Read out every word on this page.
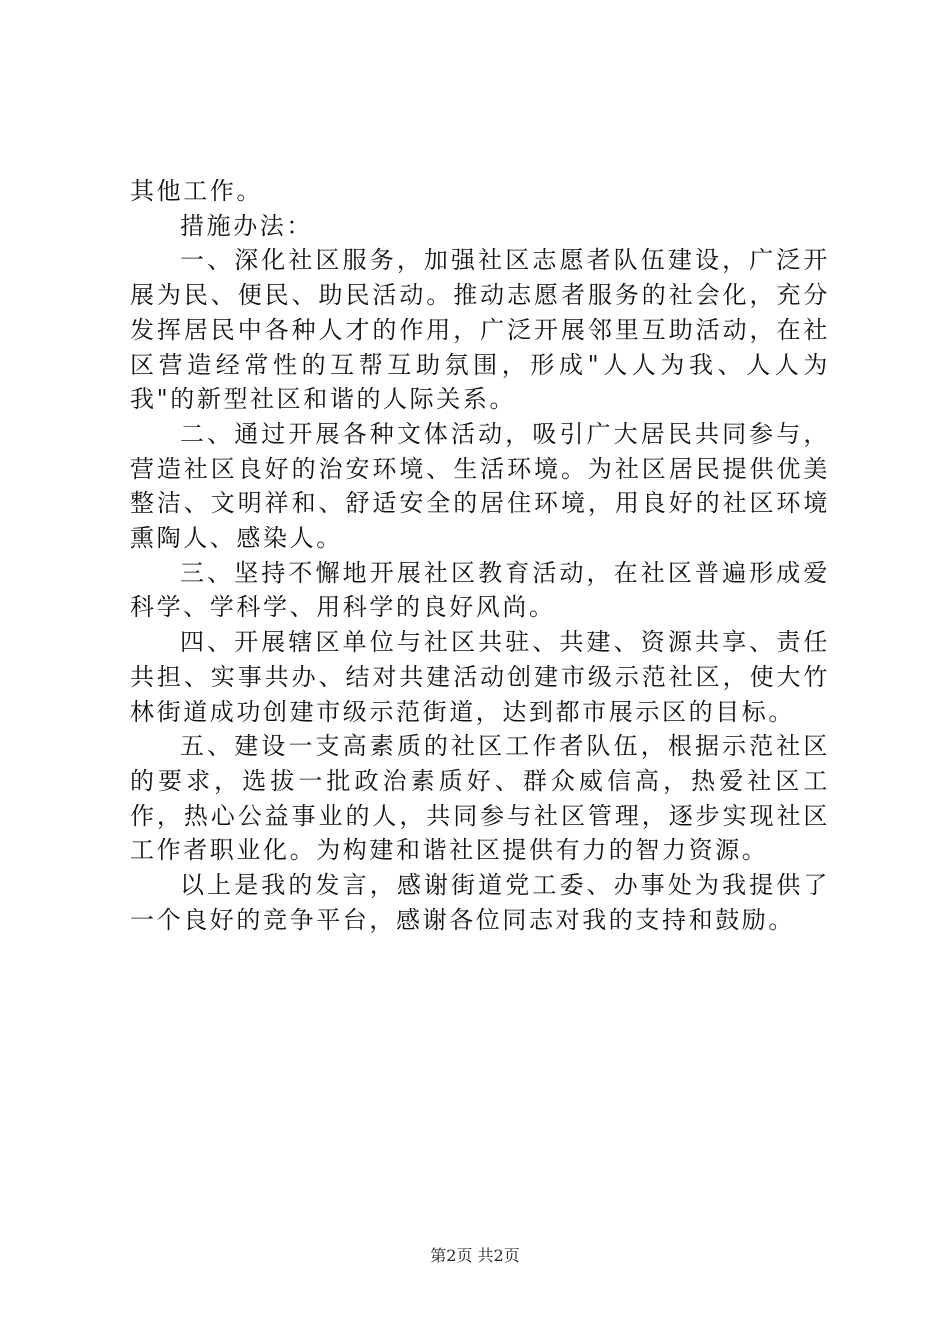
其他工作。

措施办法：

一、深化社区服务，加强社区志愿者队伍建设，广泛开展为民、便民、助民活动。推动志愿者服务的社会化，充分发挥居民中各种人才的作用，广泛开展邻里互助活动，在社区营造经常性的互帮互助氛围，形成"人人为我、人人为我"的新型社区和谐的人际关系。

二、通过开展各种文体活动，吸引广大居民共同参与，营造社区良好的治安环境、生活环境。为社区居民提供优美整洁、文明祥和、舒适安全的居住环境，用良好的社区环境熏陶人、感染人。

三、坚持不懈地开展社区教育活动，在社区普遍形成爱科学、学科学、用科学的良好风尚。

四、开展辖区单位与社区共驻、共建、资源共享、责任共担、实事共办、结对共建活动创建市级示范社区，使大竹林街道成功创建市级示范街道，达到都市展示区的目标。

五、建设一支高素质的社区工作者队伍，根据示范社区的要求，选拔一批政治素质好、群众威信高，热爱社区工作，热心公益事业的人，共同参与社区管理，逐步实现社区工作者职业化。为构建和谐社区提供有力的智力资源。

以上是我的发言，感谢街道党工委、办事处为我提供了一个良好的竞争平台，感谢各位同志对我的支持和鼓励。

第2页 共2页
